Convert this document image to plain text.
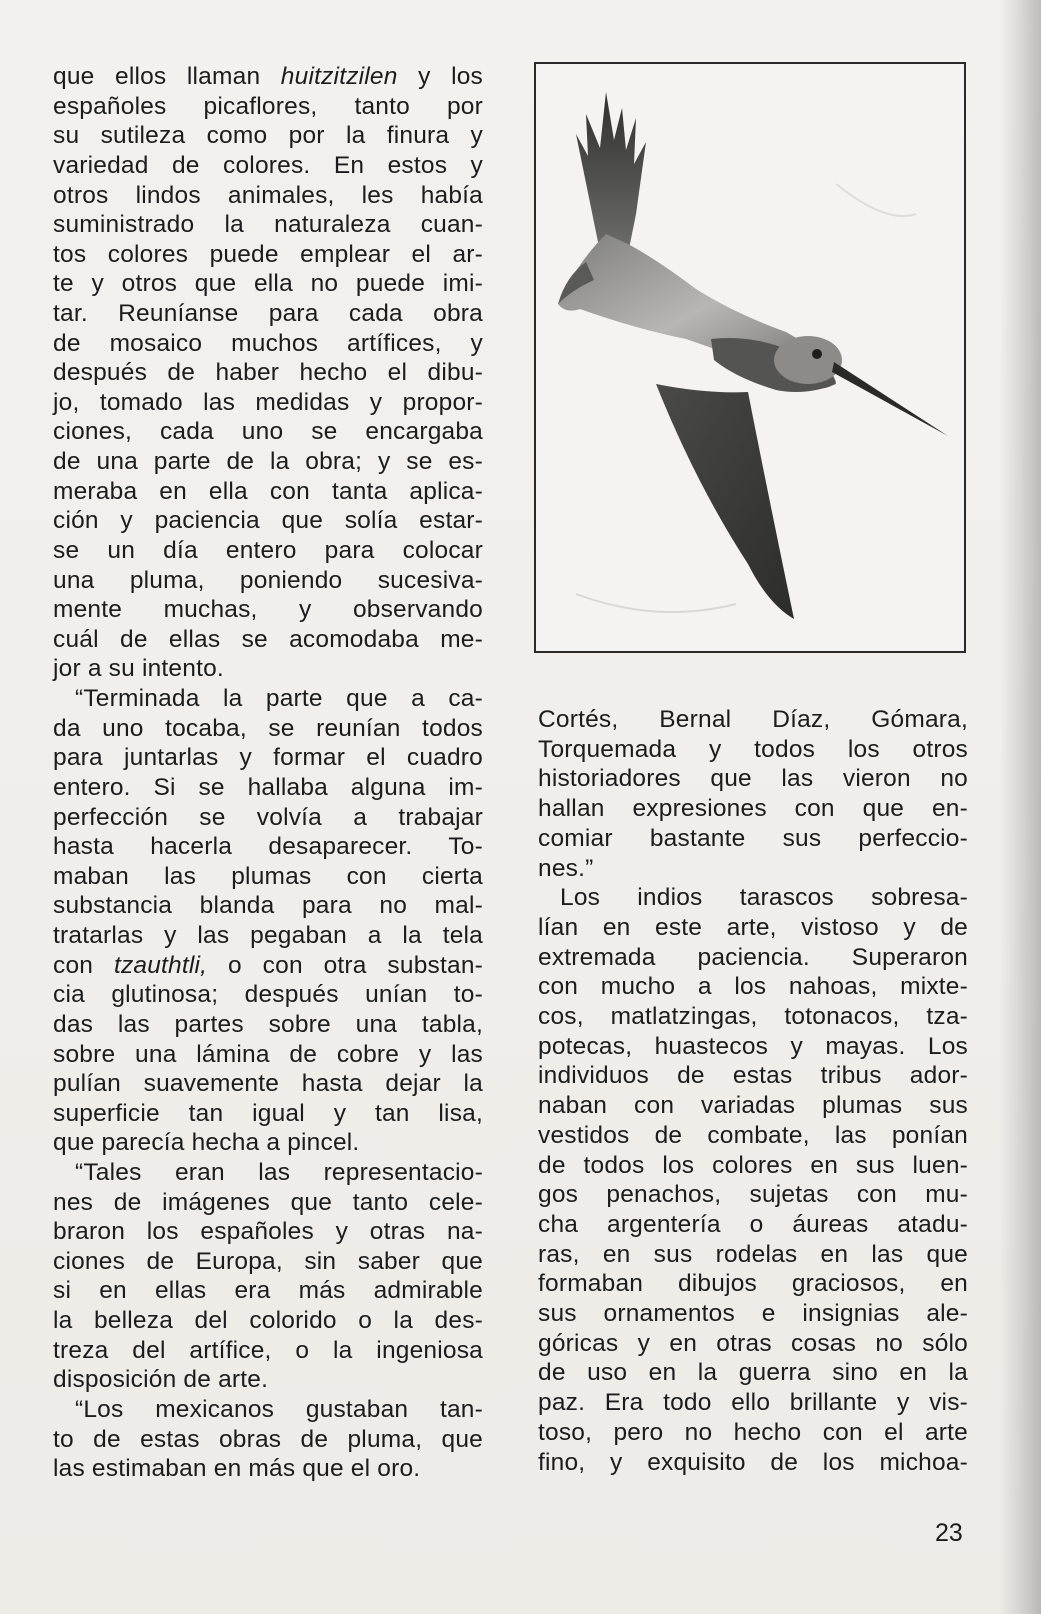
que ellos llaman huitzitzilen y los
españoles picaflores, tanto por
su sutileza como por la finura y
variedad de colores. En estos y
otros lindos animales, les había
suministrado la naturaleza cuan-
tos colores puede emplear el ar-
te y otros que ella no puede imi-
tar. Reuníanse para cada obra
de mosaico muchos artífices, y
después de haber hecho el dibu-
jo, tomado las medidas y propor-
ciones, cada uno se encargaba
de una parte de la obra; y se es-
meraba en ella con tanta aplica-
ción y paciencia que solía estar-
se un día entero para colocar
una pluma, poniendo sucesiva-
mente muchas, y observando
cuál de ellas se acomodaba me-
jor a su intento.
“Terminada la parte que a ca-
da uno tocaba, se reunían todos
para juntarlas y formar el cuadro
entero. Si se hallaba alguna im-
perfección se volvía a trabajar
hasta hacerla desaparecer. To-
maban las plumas con cierta
substancia blanda para no mal-
tratarlas y las pegaban a la tela
con tzauthtli, o con otra substan-
cia glutinosa; después unían to-
das las partes sobre una tabla,
sobre una lámina de cobre y las
pulían suavemente hasta dejar la
superficie tan igual y tan lisa,
que parecía hecha a pincel.
“Tales eran las representacio-
nes de imágenes que tanto cele-
braron los españoles y otras na-
ciones de Europa, sin saber que
si en ellas era más admirable
la belleza del colorido o la des-
treza del artífice, o la ingeniosa
disposición de arte.
“Los mexicanos gustaban tan-
to de estas obras de pluma, que
las estimaban en más que el oro.
Cortés, Bernal Díaz, Gómara,
Torquemada y todos los otros
historiadores que las vieron no
hallan expresiones con que en-
comiar bastante sus perfeccio-
nes.”
Los indios tarascos sobresa-
lían en este arte, vistoso y de
extremada paciencia. Superaron
con mucho a los nahoas, mixte-
cos, matlatzingas, totonacos, tza-
potecas, huastecos y mayas. Los
individuos de estas tribus ador-
naban con variadas plumas sus
vestidos de combate, las ponían
de todos los colores en sus luen-
gos penachos, sujetas con mu-
cha argentería o áureas atadu-
ras, en sus rodelas en las que
formaban dibujos graciosos, en
sus ornamentos e insignias ale-
góricas y en otras cosas no sólo
de uso en la guerra sino en la
paz. Era todo ello brillante y vis-
toso, pero no hecho con el arte
fino, y exquisito de los michoa-
23
